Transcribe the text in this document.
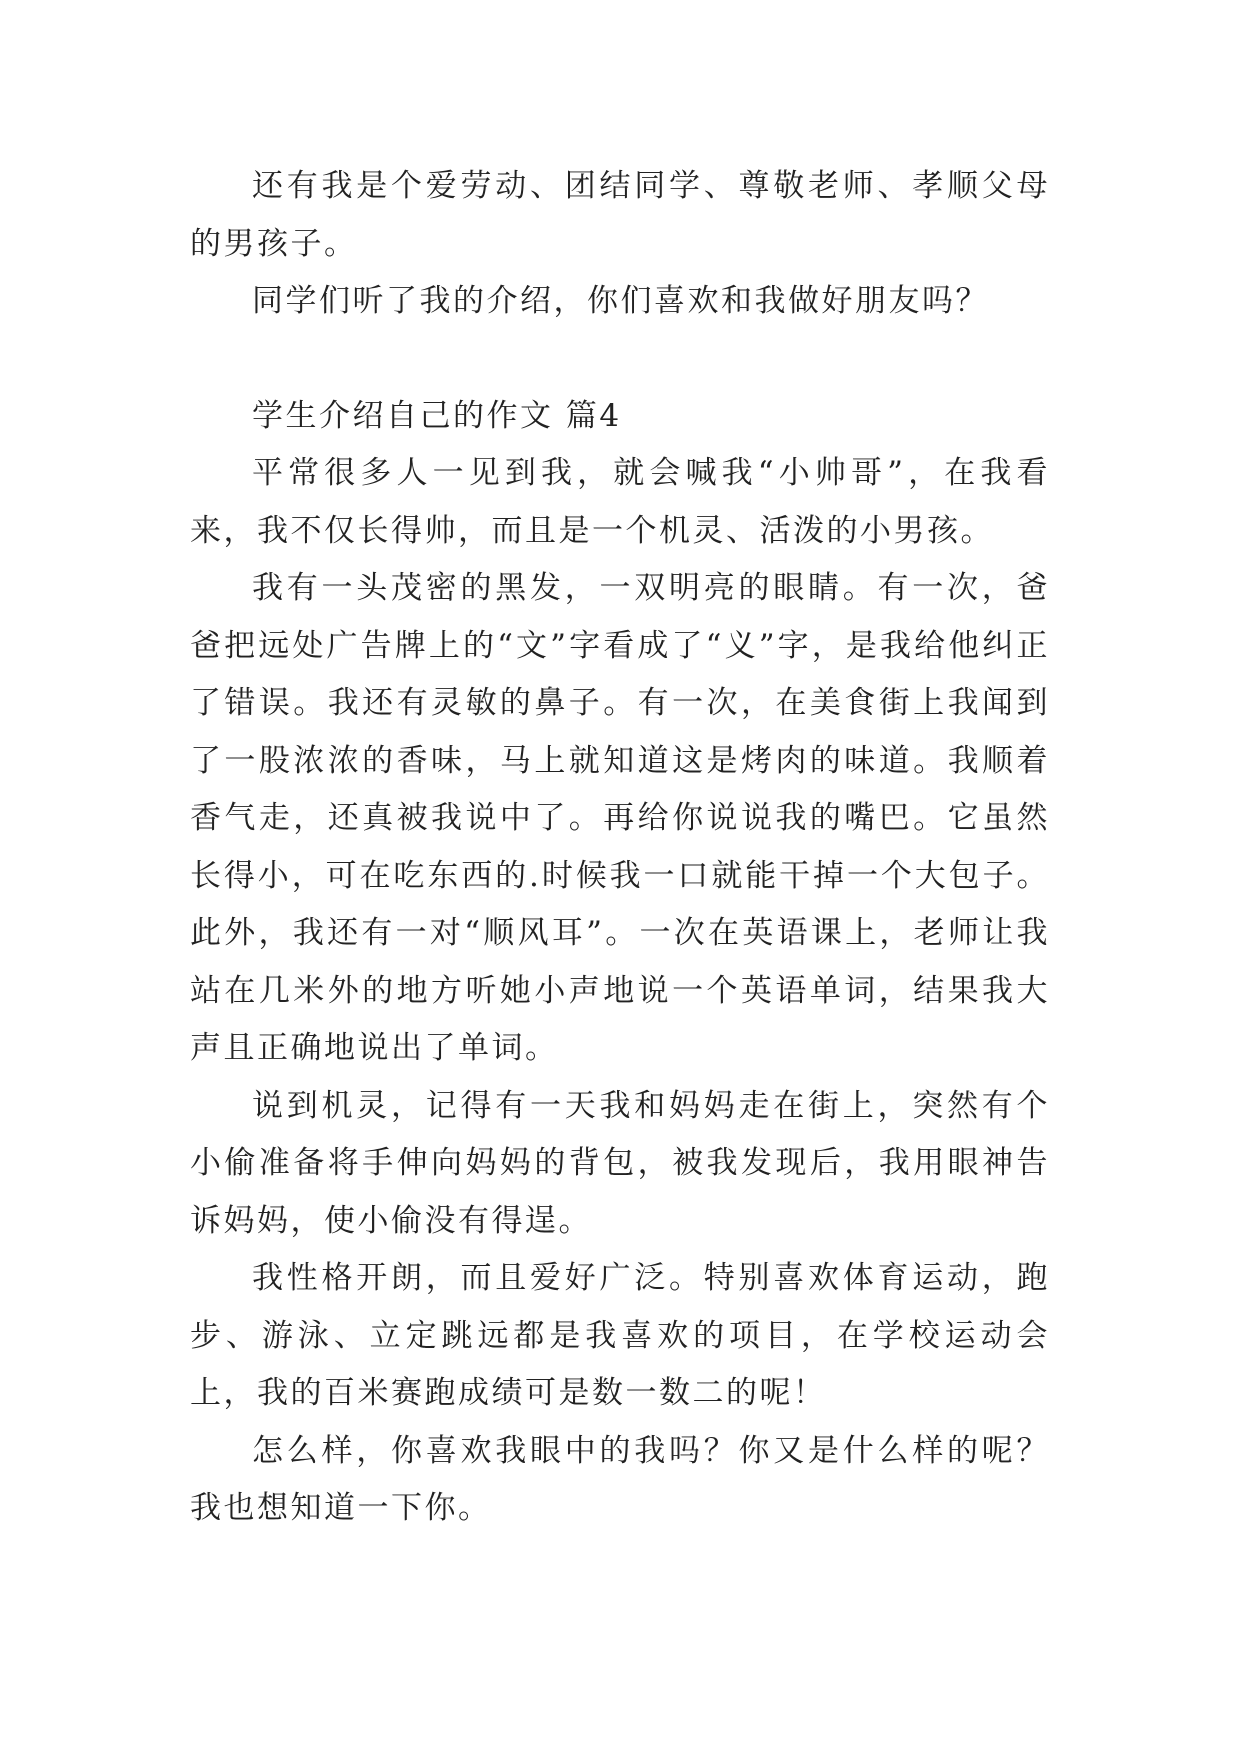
还有我是个爱劳动、团结同学、尊敬老师、孝顺父母的男孩子。

同学们听了我的介绍，你们喜欢和我做好朋友吗？

学生介绍自己的作文 篇4

平常很多人一见到我，就会喊我“小帅哥”，在我看来，我不仅长得帅，而且是一个机灵、活泼的小男孩。

我有一头茂密的黑发，一双明亮的眼睛。有一次，爸爸把远处广告牌上的“文”字看成了“义”字，是我给他纠正了错误。我还有灵敏的鼻子。有一次，在美食街上我闻到了一股浓浓的香味，马上就知道这是烤肉的味道。我顺着香气走，还真被我说中了。再给你说说我的嘴巴。它虽然长得小，可在吃东西的.时候我一口就能干掉一个大包子。此外，我还有一对“顺风耳”。一次在英语课上，老师让我站在几米外的地方听她小声地说一个英语单词，结果我大声且正确地说出了单词。

说到机灵，记得有一天我和妈妈走在街上，突然有个小偷准备将手伸向妈妈的背包，被我发现后，我用眼神告诉妈妈，使小偷没有得逞。

我性格开朗，而且爱好广泛。特别喜欢体育运动，跑步、游泳、立定跳远都是我喜欢的项目，在学校运动会上，我的百米赛跑成绩可是数一数二的呢！

怎么样，你喜欢我眼中的我吗？你又是什么样的呢？我也想知道一下你。
